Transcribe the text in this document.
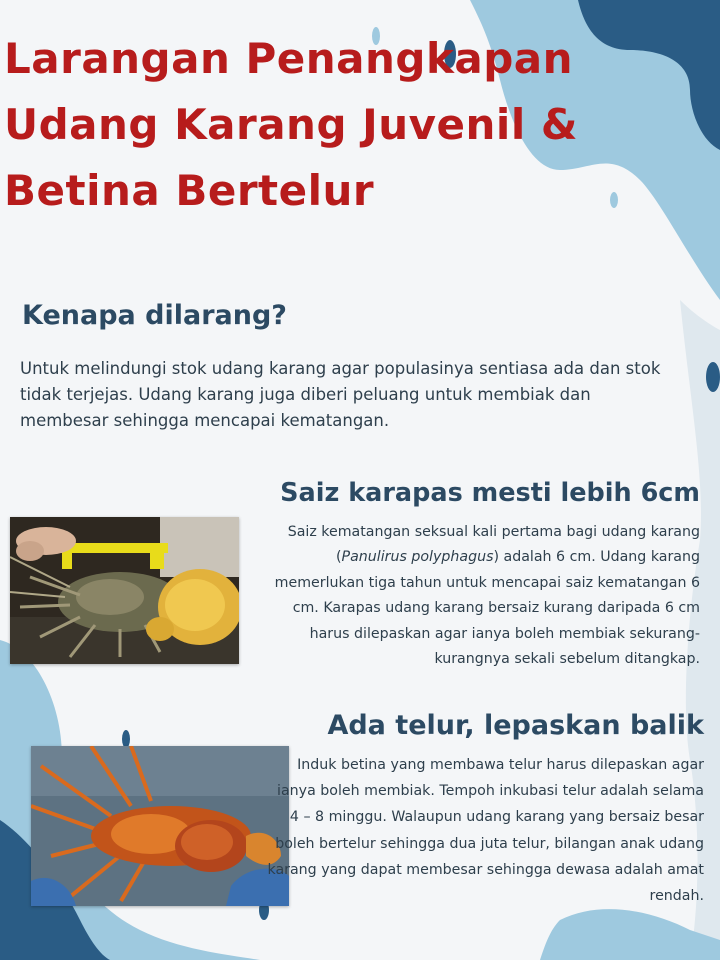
Larangan Penangkapan Udang Karang Juvenil & Betina Bertelur
Kenapa dilarang?

Untuk melindungi stok udang karang agar populasinya sentiasa ada dan stok tidak terjejas. Udang karang juga diberi peluang untuk membiak dan membesar sehingga mencapai kematangan.

Saiz karapas mesti lebih 6cm

Saiz kematangan seksual kali pertama bagi udang karang (Panulirus polyphagus) adalah 6 cm. Udang karang memerlukan tiga tahun untuk mencapai saiz kematangan 6 cm. Karapas udang karang bersaiz kurang daripada 6 cm harus dilepaskan agar ianya boleh membiak sekurang-kurangnya sekali sebelum ditangkap.

Ada telur, lepaskan balik

Induk betina yang membawa telur harus dilepaskan agar ianya boleh membiak. Tempoh inkubasi telur adalah selama 4 – 8 minggu. Walaupun udang karang yang bersaiz besar boleh bertelur sehingga dua juta telur, bilangan anak udang karang yang dapat membesar sehingga dewasa adalah amat rendah.
